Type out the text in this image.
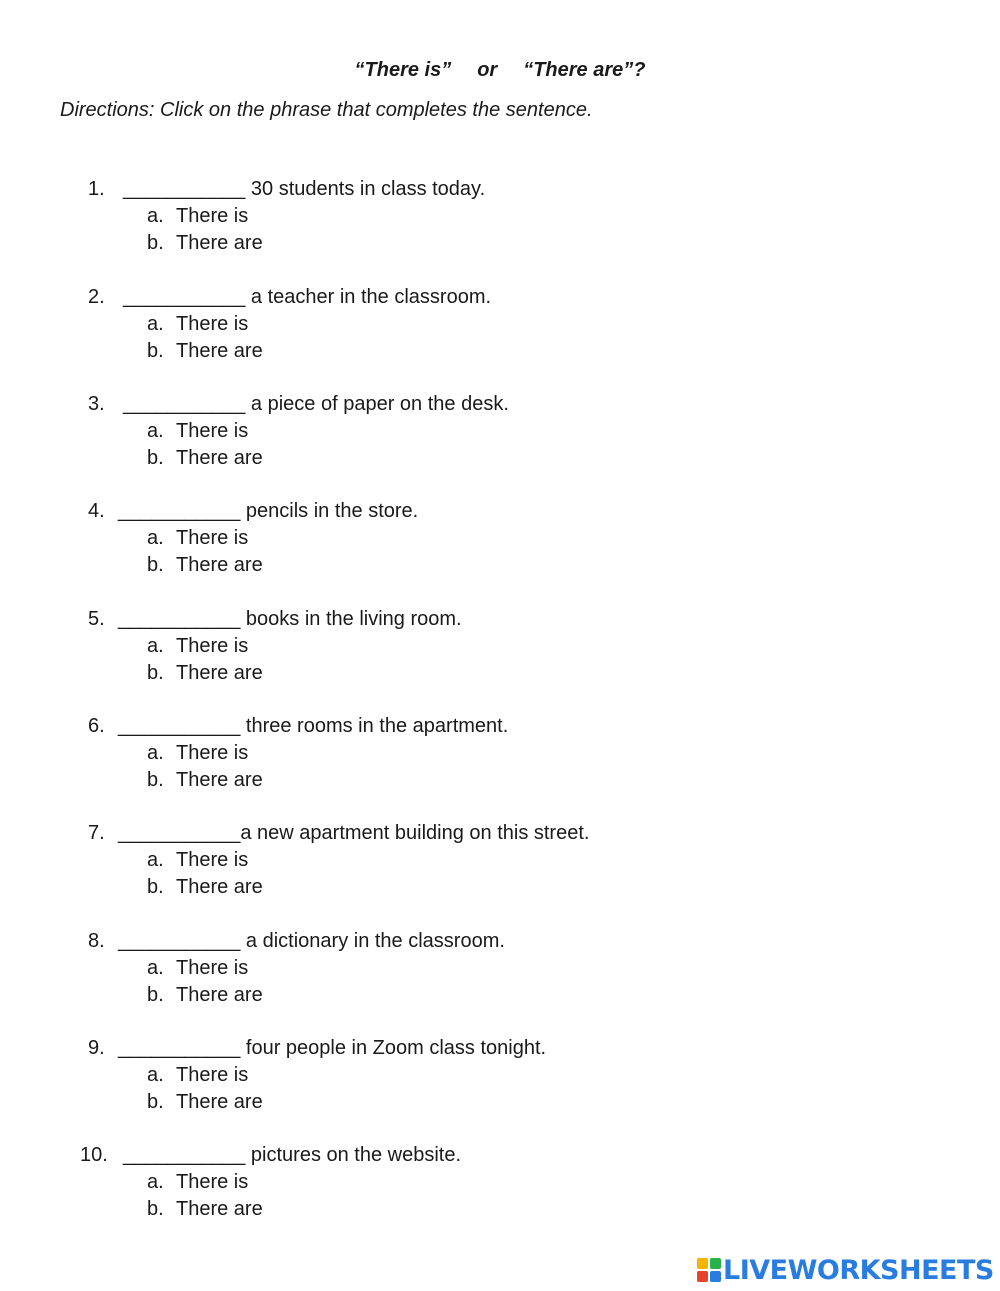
“There is” or “There are”?
Directions: Click on the phrase that completes the sentence.
1. ___________ 30 students in class today.
a. There is
b. There are
2. ___________ a teacher in the classroom.
a. There is
b. There are
3. ___________ a piece of paper on the desk.
a. There is
b. There are
4. ___________ pencils in the store.
a. There is
b. There are
5. ___________ books in the living room.
a. There is
b. There are
6. ___________ three rooms in the apartment.
a. There is
b. There are
7. ___________a new apartment building on this street.
a. There is
b. There are
8. ___________ a dictionary in the classroom.
a. There is
b. There are
9. ___________ four people in Zoom class tonight.
a. There is
b. There are
10. ___________ pictures on the website.
a. There is
b. There are
LIVEWORKSHEETS
